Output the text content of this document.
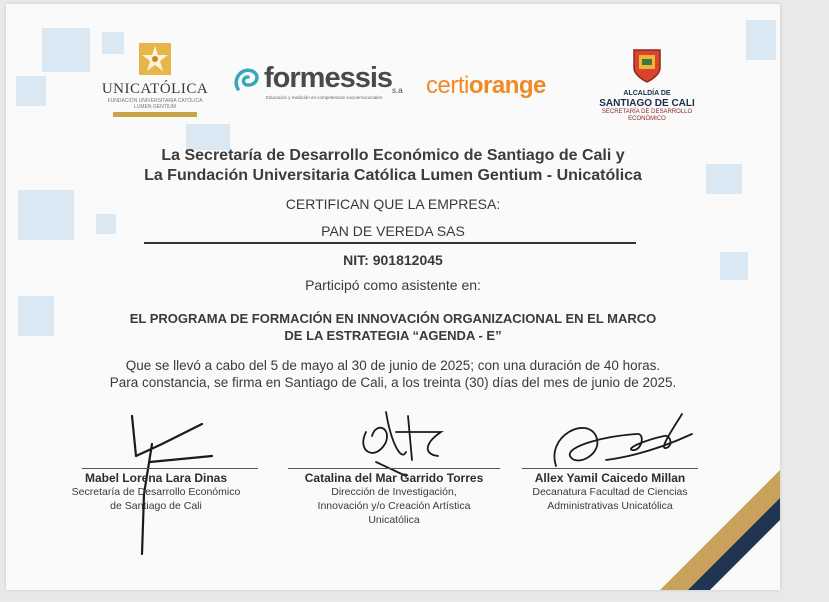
UNICATÓLICA
FUNDACIÓN UNIVERSITARIA CATÓLICA LUMEN GENTIUM
formessis s.a
Educación y medición en competencias socioemocionales	certiorange	ALCALDÍA DE
SANTIAGO DE CALI
SECRETARÍA DE DESARROLLO
ECONÓMICO
La Secretaría de Desarrollo Económico de Santiago de Cali y
La Fundación Universitaria Católica Lumen Gentium - Unicatólica
CERTIFICAN QUE LA EMPRESA:
PAN DE VEREDA SAS
NIT: 901812045
Participó como asistente en:
EL PROGRAMA DE FORMACIÓN EN INNOVACIÓN ORGANIZACIONAL EN EL MARCO
DE LA ESTRATEGIA “AGENDA - E”
Que se llevó a cabo del 5 de mayo al 30 de junio de 2025; con una duración de 40 horas.
Para constancia, se firma en Santiago de Cali, a los treinta (30) días del mes de junio de 2025.
Mabel Lorena Lara Dinas
Secretaría de Desarrollo Económico
de Santiago de Cali
Catalina del Mar Garrido Torres
Dirección de Investigación,
Innovación y/o Creación Artística
Unicatólica
Allex Yamil Caicedo Millan
Decanatura Facultad de Ciencias
Administrativas Unicatólica
